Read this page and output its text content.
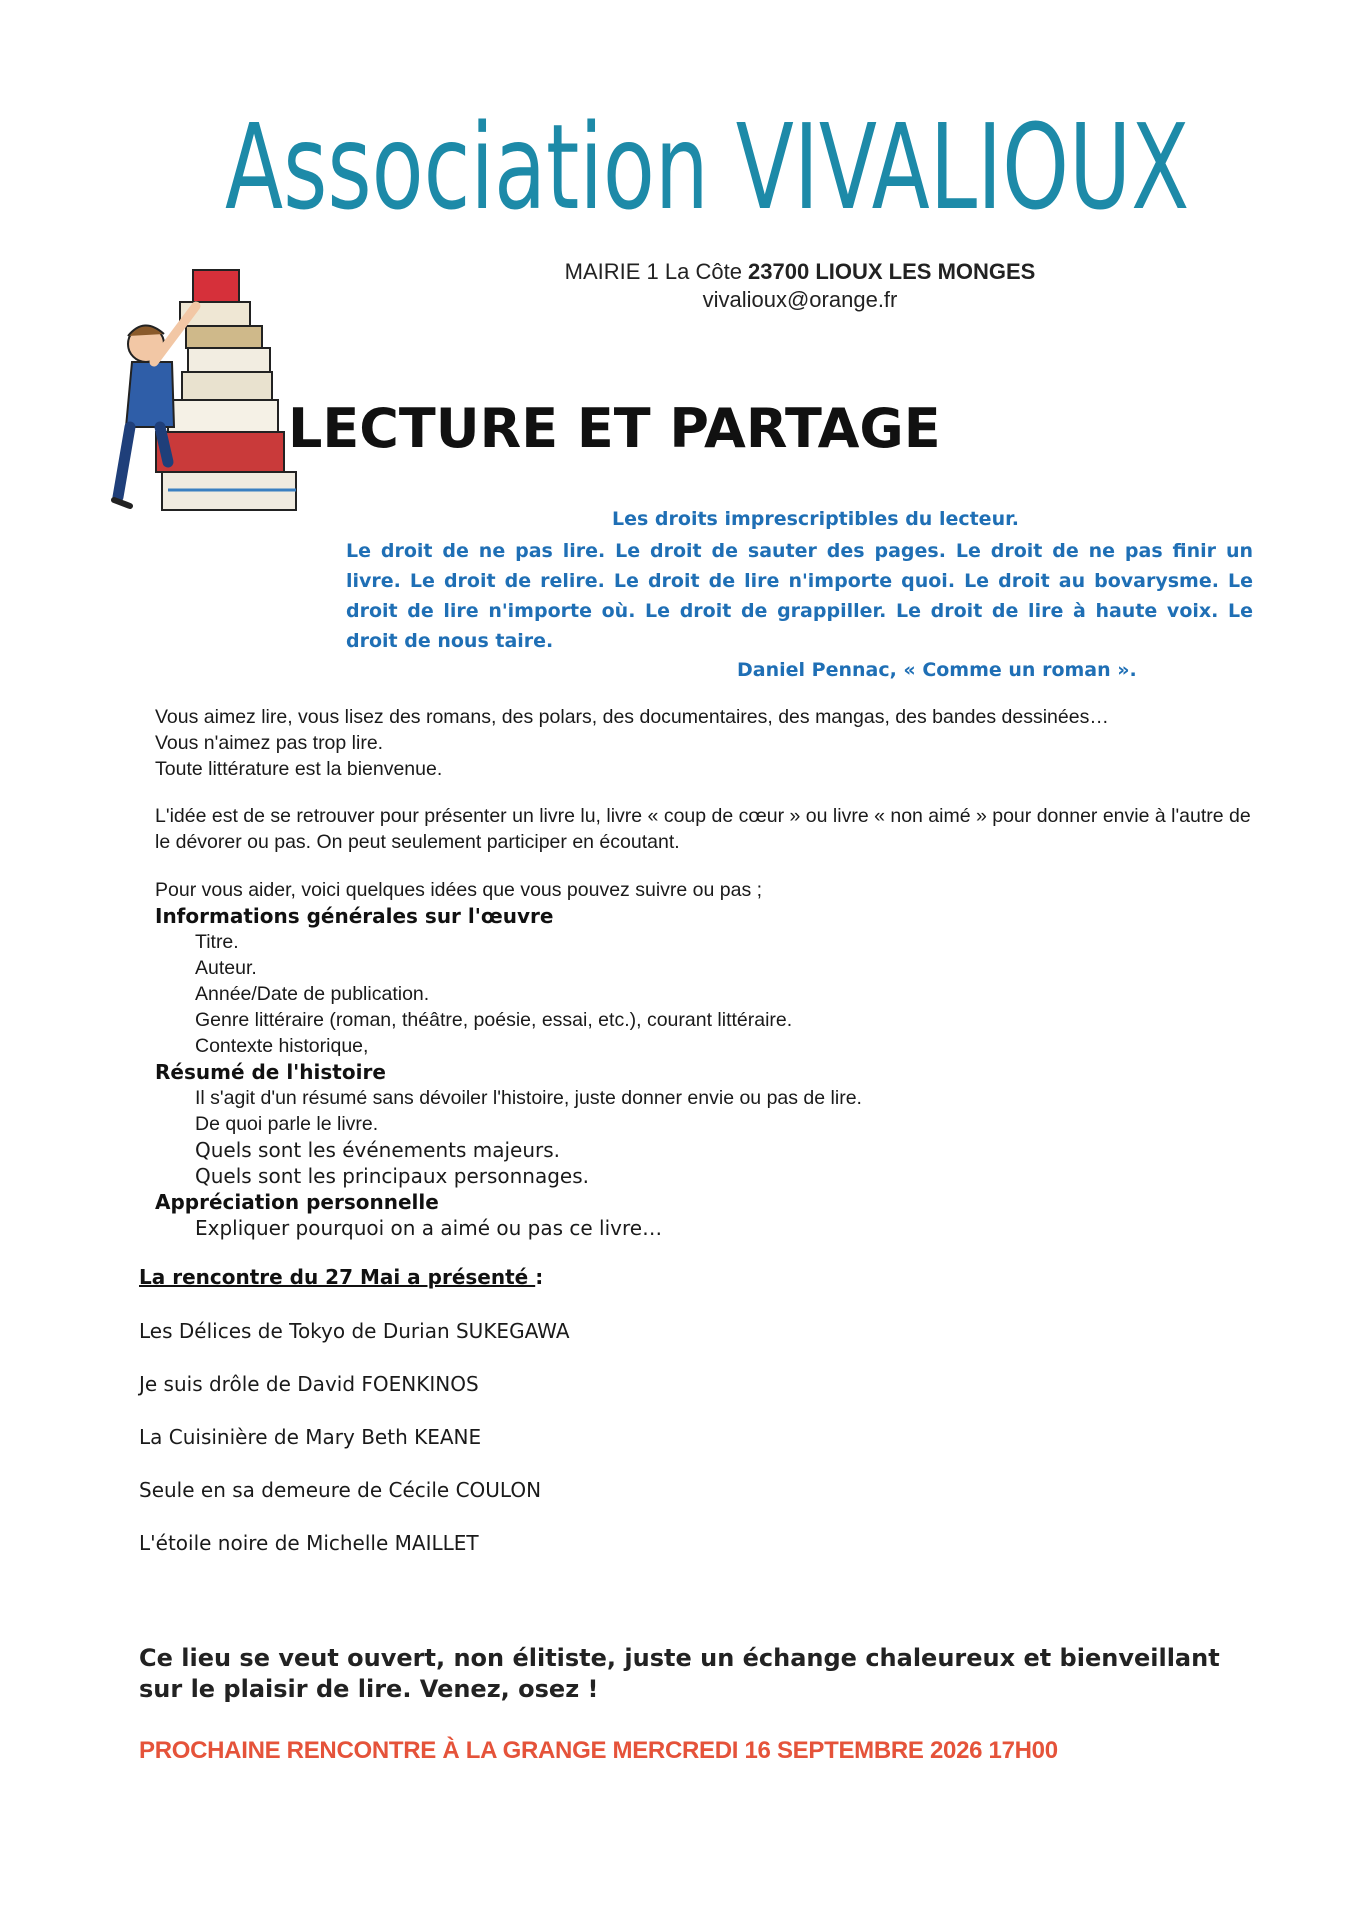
Association VIVALIOUX
MAIRIE 1 La Côte 23700 LIOUX LES MONGES
vivalioux@orange.fr
LECTURE ET PARTAGE
Les droits imprescriptibles du lecteur.
Le droit de ne pas lire. Le droit de sauter des pages. Le droit de ne pas finir un livre. Le droit de relire. Le droit de lire n'importe quoi. Le droit au bovarysme. Le droit de lire n'importe où. Le droit de grappiller. Le droit de lire à haute voix. Le droit de nous taire.
Daniel Pennac, « Comme un roman ».
Vous aimez lire, vous lisez des romans, des polars, des documentaires, des mangas, des bandes dessinées…
Vous n'aimez pas trop lire.
Toute littérature est la bienvenue.
L'idée est de se retrouver pour présenter un livre lu, livre « coup de cœur » ou livre « non aimé » pour donner envie à l'autre de le dévorer ou pas. On peut seulement participer en écoutant.
Pour vous aider, voici quelques idées que vous pouvez suivre ou pas ;
Informations générales sur l'œuvre
Titre.
Auteur.
Année/Date de publication.
Genre littéraire (roman, théâtre, poésie, essai, etc.), courant littéraire.
Contexte historique,
Résumé de l'histoire
Il s'agit d'un résumé sans dévoiler l'histoire, juste donner envie ou pas de lire.
De quoi parle le livre.
Quels sont les événements majeurs.
Quels sont les principaux personnages.
Appréciation personnelle
Expliquer pourquoi on a aimé ou pas ce livre…
La rencontre du 27 Mai a présenté :
Les Délices de Tokyo de Durian SUKEGAWA
Je suis drôle de David FOENKINOS
La Cuisinière de Mary Beth KEANE
Seule en sa demeure de Cécile COULON
L'étoile noire de Michelle MAILLET
Ce lieu se veut ouvert, non élitiste, juste un échange chaleureux et bienveillant sur le plaisir de lire. Venez, osez !
PROCHAINE RENCONTRE À LA GRANGE MERCREDI 16 SEPTEMBRE 2026 17H00
